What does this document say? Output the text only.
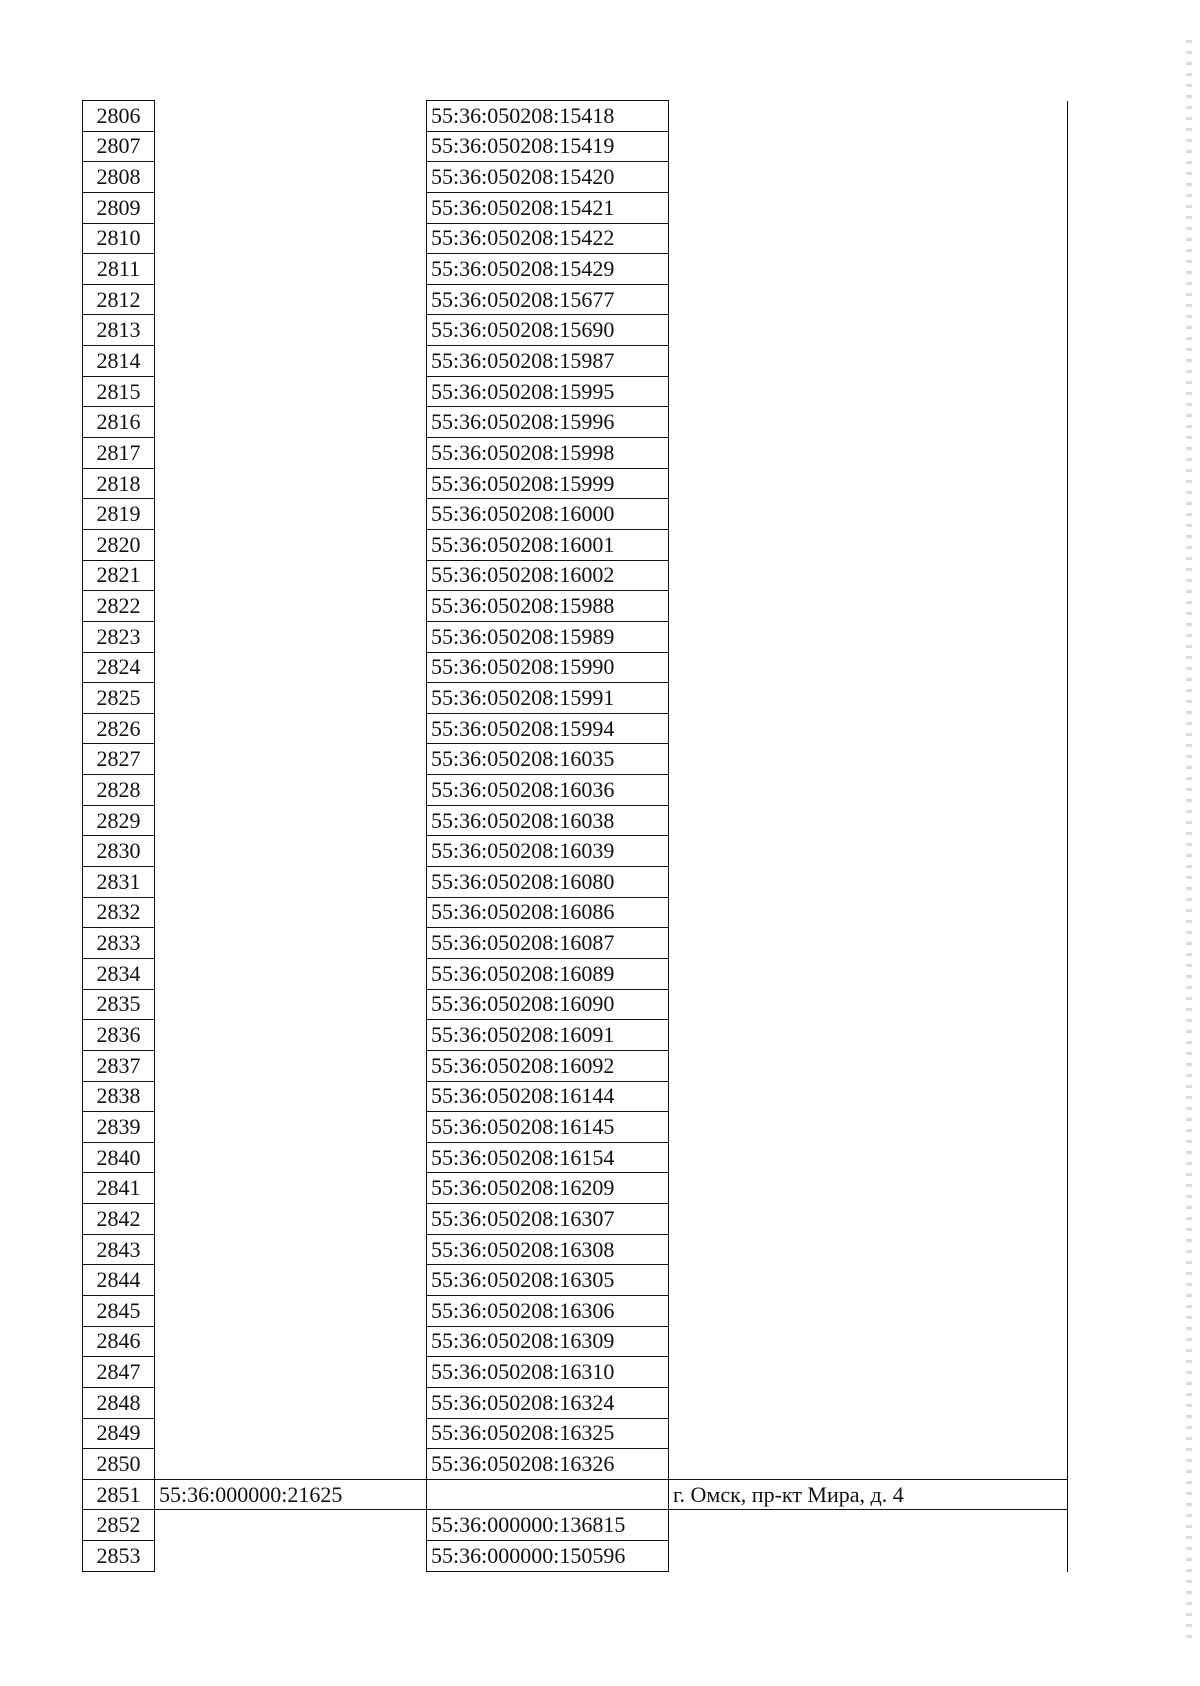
2806		55:36:050208:15418	
2807		55:36:050208:15419	
2808		55:36:050208:15420	
2809		55:36:050208:15421	
2810		55:36:050208:15422	
2811		55:36:050208:15429	
2812		55:36:050208:15677	
2813		55:36:050208:15690	
2814		55:36:050208:15987	
2815		55:36:050208:15995	
2816		55:36:050208:15996	
2817		55:36:050208:15998	
2818		55:36:050208:15999	
2819		55:36:050208:16000	
2820		55:36:050208:16001	
2821		55:36:050208:16002	
2822		55:36:050208:15988	
2823		55:36:050208:15989	
2824		55:36:050208:15990	
2825		55:36:050208:15991	
2826		55:36:050208:15994	
2827		55:36:050208:16035	
2828		55:36:050208:16036	
2829		55:36:050208:16038	
2830		55:36:050208:16039	
2831		55:36:050208:16080	
2832		55:36:050208:16086	
2833		55:36:050208:16087	
2834		55:36:050208:16089	
2835		55:36:050208:16090	
2836		55:36:050208:16091	
2837		55:36:050208:16092	
2838		55:36:050208:16144	
2839		55:36:050208:16145	
2840		55:36:050208:16154	
2841		55:36:050208:16209	
2842		55:36:050208:16307	
2843		55:36:050208:16308	
2844		55:36:050208:16305	
2845		55:36:050208:16306	
2846		55:36:050208:16309	
2847		55:36:050208:16310	
2848		55:36:050208:16324	
2849		55:36:050208:16325	
2850		55:36:050208:16326	
2851	55:36:000000:21625		г. Омск, пр-кт Мира, д. 4
2852		55:36:000000:136815	
2853		55:36:000000:150596	
